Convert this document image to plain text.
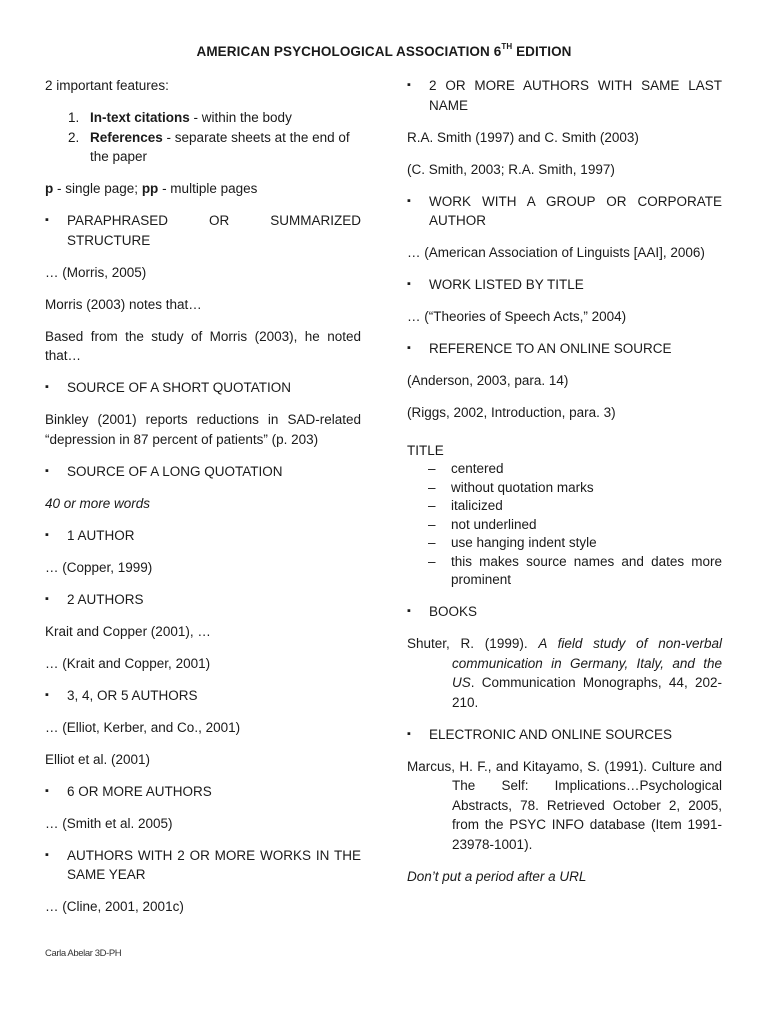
AMERICAN PSYCHOLOGICAL ASSOCIATION 6TH EDITION

2 important features:

1. In-text citations - within the body
2. References - separate sheets at the end of the paper

p - single page; pp - multiple pages

▪ PARAPHRASED OR SUMMARIZED STRUCTURE

… (Morris, 2005)

Morris (2003) notes that…

Based from the study of Morris (2003), he noted that…

▪ SOURCE OF A SHORT QUOTATION

Binkley (2001) reports reductions in SAD-related “depression in 87 percent of patients” (p. 203)

▪ SOURCE OF A LONG QUOTATION

40 or more words

▪ 1 AUTHOR

… (Copper, 1999)

▪ 2 AUTHORS

Krait and Copper (2001), …

… (Krait and Copper, 2001)

▪ 3, 4, OR 5 AUTHORS

… (Elliot, Kerber, and Co., 2001)

Elliot et al. (2001)

▪ 6 OR MORE AUTHORS

… (Smith et al. 2005)

▪ AUTHORS WITH 2 OR MORE WORKS IN THE SAME YEAR

… (Cline, 2001, 2001c)

▪ 2 OR MORE AUTHORS WITH SAME LAST NAME

R.A. Smith (1997) and C. Smith (2003)

(C. Smith, 2003; R.A. Smith, 1997)

▪ WORK WITH A GROUP OR CORPORATE AUTHOR

… (American Association of Linguists [AAI], 2006)

▪ WORK LISTED BY TITLE

… (“Theories of Speech Acts,” 2004)

▪ REFERENCE TO AN ONLINE SOURCE

(Anderson, 2003, para. 14)

(Riggs, 2002, Introduction, para. 3)

TITLE
– centered
– without quotation marks
– italicized
– not underlined
– use hanging indent style
– this makes source names and dates more prominent
▪ BOOKS

Shuter, R. (1999). A field study of non-verbal communication in Germany, Italy, and the US. Communication Monographs, 44, 202-210.

▪ ELECTRONIC AND ONLINE SOURCES

Marcus, H. F., and Kitayamo, S. (1991). Culture and The Self: Implications…Psychological Abstracts, 78. Retrieved October 2, 2005, from the PSYC INFO database (Item 1991-23978-1001).

Don’t put a period after a URL

Carla Abelar 3D-PH
